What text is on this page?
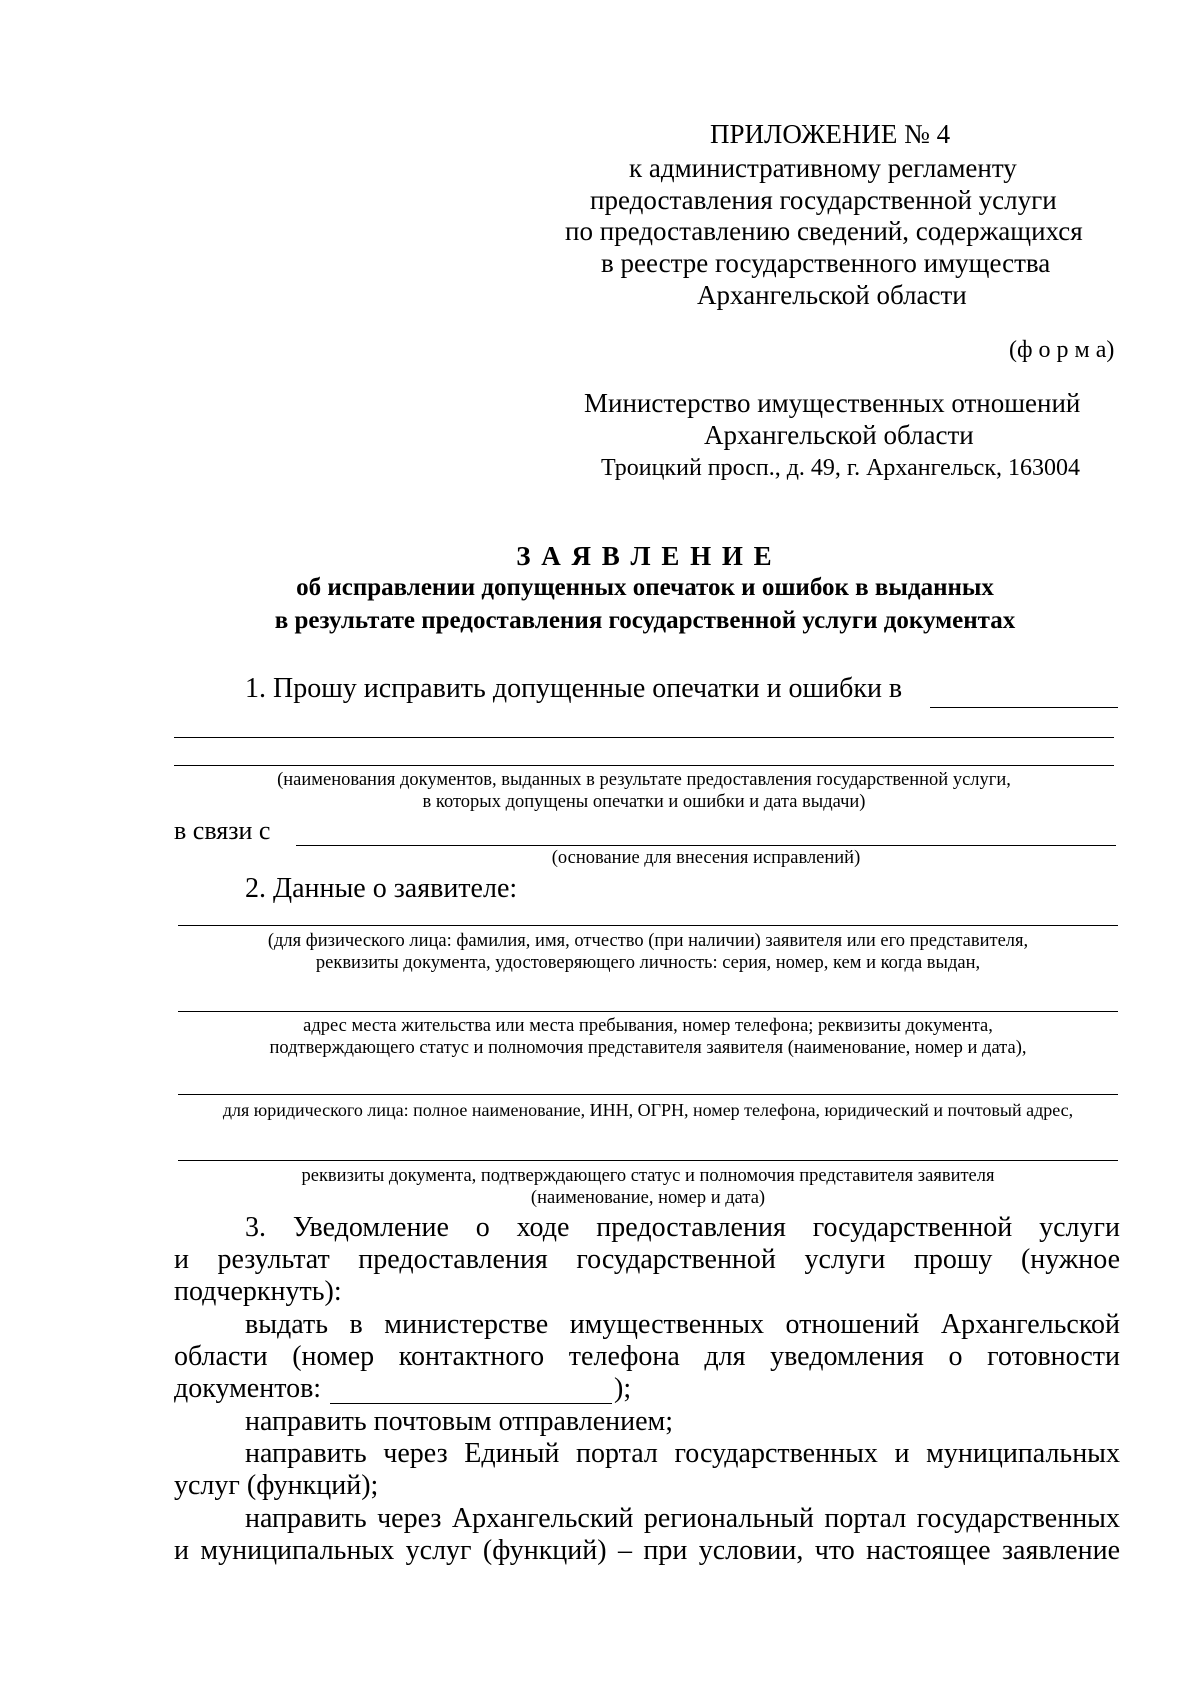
ПРИЛОЖЕНИЕ № 4

к административному регламенту

предоставления государственной услуги

по предоставлению сведений, содержащихся

в реестре государственного имущества

Архангельской области

(ф о р м а)

Министерство имущественных отношений

Архангельской области

Троицкий просп., д. 49, г. Архангельск, 163004

З А Я В Л Е Н И Е

об исправлении допущенных опечаток и ошибок в выданных

в результате предоставления государственной услуги документах

1. Прошу исправить допущенные опечатки и ошибки в

(наименования документов, выданных в результате предоставления государственной услуги,

в которых допущены опечатки и ошибки и дата выдачи)

в связи с

(основание для внесения исправлений)

2. Данные о заявителе:

(для физического лица: фамилия, имя, отчество (при наличии) заявителя или его представителя,

реквизиты документа, удостоверяющего личность: серия, номер, кем и когда выдан,

адрес места жительства или места пребывания, номер телефона; реквизиты документа,

подтверждающего статус и полномочия представителя заявителя (наименование, номер и дата),

для юридического лица: полное наименование, ИНН, ОГРН, номер телефона, юридический и почтовый адрес,

реквизиты документа, подтверждающего статус и полномочия представителя заявителя

(наименование, номер и дата)

3. Уведомление о ходе предоставления государственной услуги

и результат предоставления государственной услуги прошу (нужное

подчеркнуть):

выдать в министерстве имущественных отношений Архангельской

области (номер контактного телефона для уведомления о готовности

документов:	);

направить почтовым отправлением;

направить через Единый портал государственных и муниципальных

услуг (функций);

направить через Архангельский региональный портал государственных

и муниципальных услуг (функций) – при условии, что настоящее заявление
